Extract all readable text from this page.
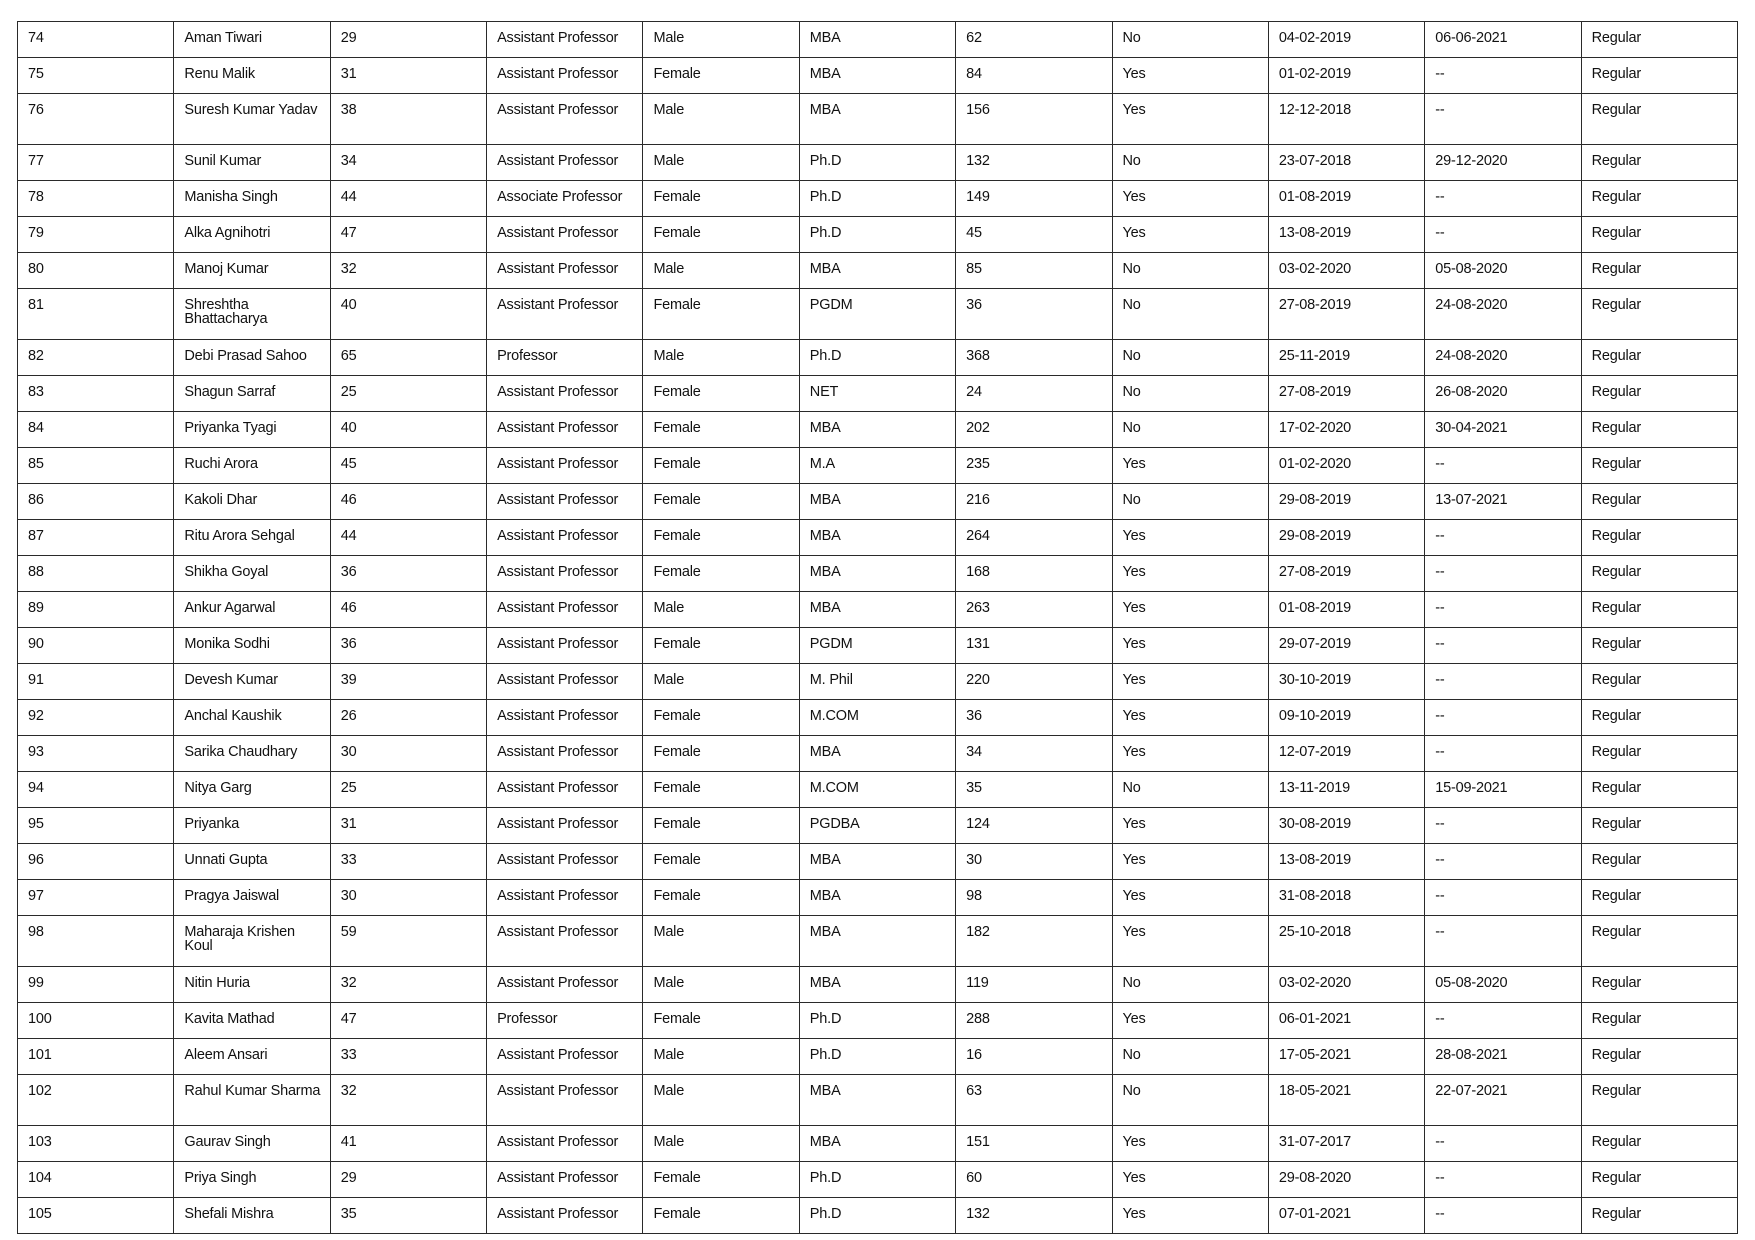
74	Aman Tiwari	29	Assistant Professor	Male	MBA	62	No	04-02-2019	06-06-2021	Regular
75	Renu Malik	31	Assistant Professor	Female	MBA	84	Yes	01-02-2019	--	Regular
76	Suresh Kumar Yadav	38	Assistant Professor	Male	MBA	156	Yes	12-12-2018	--	Regular
77	Sunil Kumar	34	Assistant Professor	Male	Ph.D	132	No	23-07-2018	29-12-2020	Regular
78	Manisha Singh	44	Associate Professor	Female	Ph.D	149	Yes	01-08-2019	--	Regular
79	Alka Agnihotri	47	Assistant Professor	Female	Ph.D	45	Yes	13-08-2019	--	Regular
80	Manoj Kumar	32	Assistant Professor	Male	MBA	85	No	03-02-2020	05-08-2020	Regular
81	Shreshtha Bhattacharya	40	Assistant Professor	Female	PGDM	36	No	27-08-2019	24-08-2020	Regular
82	Debi Prasad Sahoo	65	Professor	Male	Ph.D	368	No	25-11-2019	24-08-2020	Regular
83	Shagun Sarraf	25	Assistant Professor	Female	NET	24	No	27-08-2019	26-08-2020	Regular
84	Priyanka Tyagi	40	Assistant Professor	Female	MBA	202	No	17-02-2020	30-04-2021	Regular
85	Ruchi Arora	45	Assistant Professor	Female	M.A	235	Yes	01-02-2020	--	Regular
86	Kakoli Dhar	46	Assistant Professor	Female	MBA	216	No	29-08-2019	13-07-2021	Regular
87	Ritu Arora Sehgal	44	Assistant Professor	Female	MBA	264	Yes	29-08-2019	--	Regular
88	Shikha Goyal	36	Assistant Professor	Female	MBA	168	Yes	27-08-2019	--	Regular
89	Ankur Agarwal	46	Assistant Professor	Male	MBA	263	Yes	01-08-2019	--	Regular
90	Monika Sodhi	36	Assistant Professor	Female	PGDM	131	Yes	29-07-2019	--	Regular
91	Devesh Kumar	39	Assistant Professor	Male	M. Phil	220	Yes	30-10-2019	--	Regular
92	Anchal Kaushik	26	Assistant Professor	Female	M.COM	36	Yes	09-10-2019	--	Regular
93	Sarika Chaudhary	30	Assistant Professor	Female	MBA	34	Yes	12-07-2019	--	Regular
94	Nitya Garg	25	Assistant Professor	Female	M.COM	35	No	13-11-2019	15-09-2021	Regular
95	Priyanka	31	Assistant Professor	Female	PGDBA	124	Yes	30-08-2019	--	Regular
96	Unnati Gupta	33	Assistant Professor	Female	MBA	30	Yes	13-08-2019	--	Regular
97	Pragya Jaiswal	30	Assistant Professor	Female	MBA	98	Yes	31-08-2018	--	Regular
98	Maharaja Krishen Koul	59	Assistant Professor	Male	MBA	182	Yes	25-10-2018	--	Regular
99	Nitin Huria	32	Assistant Professor	Male	MBA	119	No	03-02-2020	05-08-2020	Regular
100	Kavita Mathad	47	Professor	Female	Ph.D	288	Yes	06-01-2021	--	Regular
101	Aleem Ansari	33	Assistant Professor	Male	Ph.D	16	No	17-05-2021	28-08-2021	Regular
102	Rahul Kumar Sharma	32	Assistant Professor	Male	MBA	63	No	18-05-2021	22-07-2021	Regular
103	Gaurav Singh	41	Assistant Professor	Male	MBA	151	Yes	31-07-2017	--	Regular
104	Priya Singh	29	Assistant Professor	Female	Ph.D	60	Yes	29-08-2020	--	Regular
105	Shefali Mishra	35	Assistant Professor	Female	Ph.D	132	Yes	07-01-2021	--	Regular
